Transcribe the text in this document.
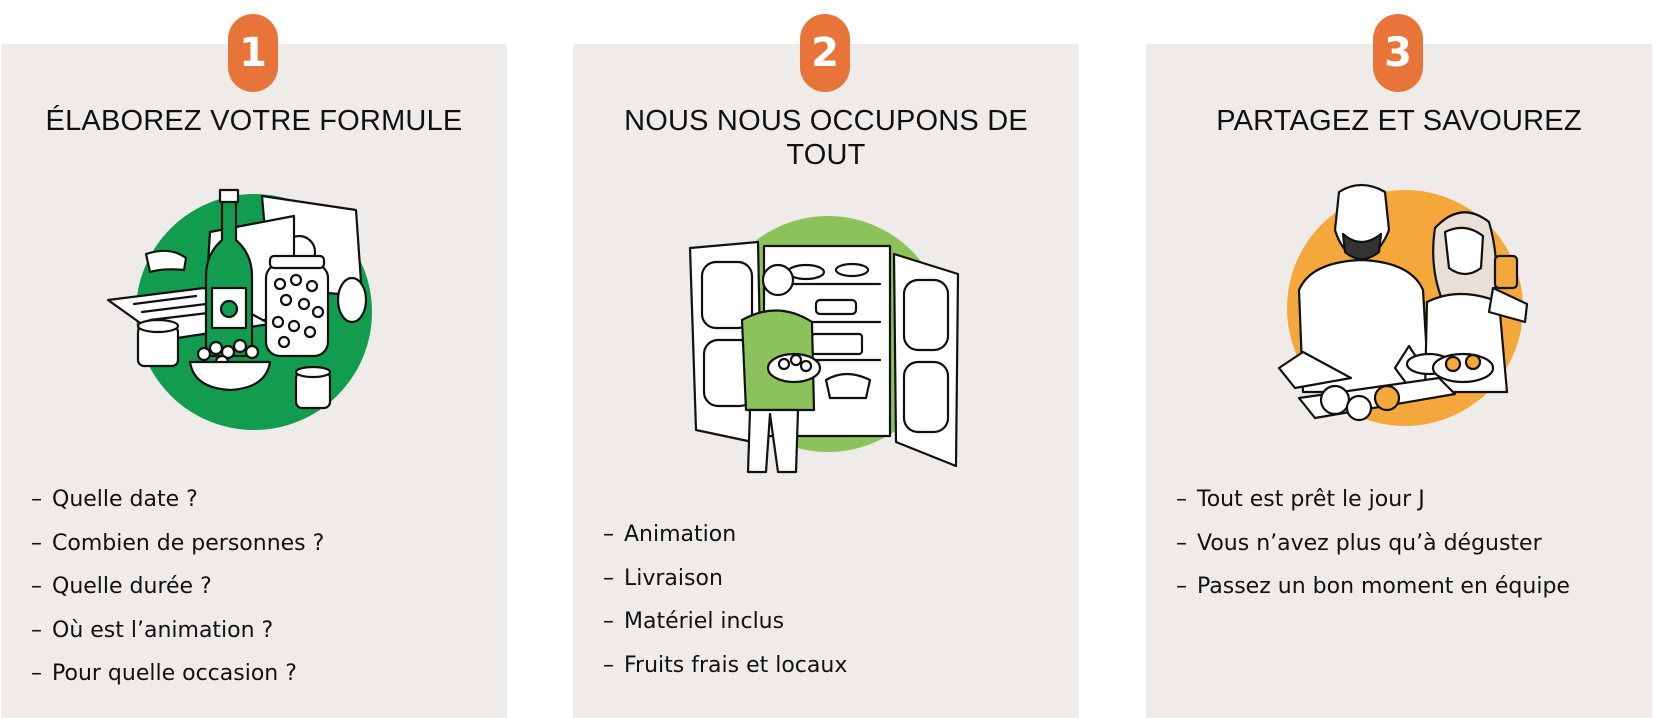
1
ÉLABOREZ VOTRE FORMULE
– Quelle date ?
– Combien de personnes ?
– Quelle durée ?
– Où est l’animation ?
– Pour quelle occasion ?
2
NOUS NOUS OCCUPONS DE TOUT
– Animation
– Livraison
– Matériel inclus
– Fruits frais et locaux
3
PARTAGEZ ET SAVOUREZ
– Tout est prêt le jour J
– Vous n’avez plus qu’à déguster
– Passez un bon moment en équipe
